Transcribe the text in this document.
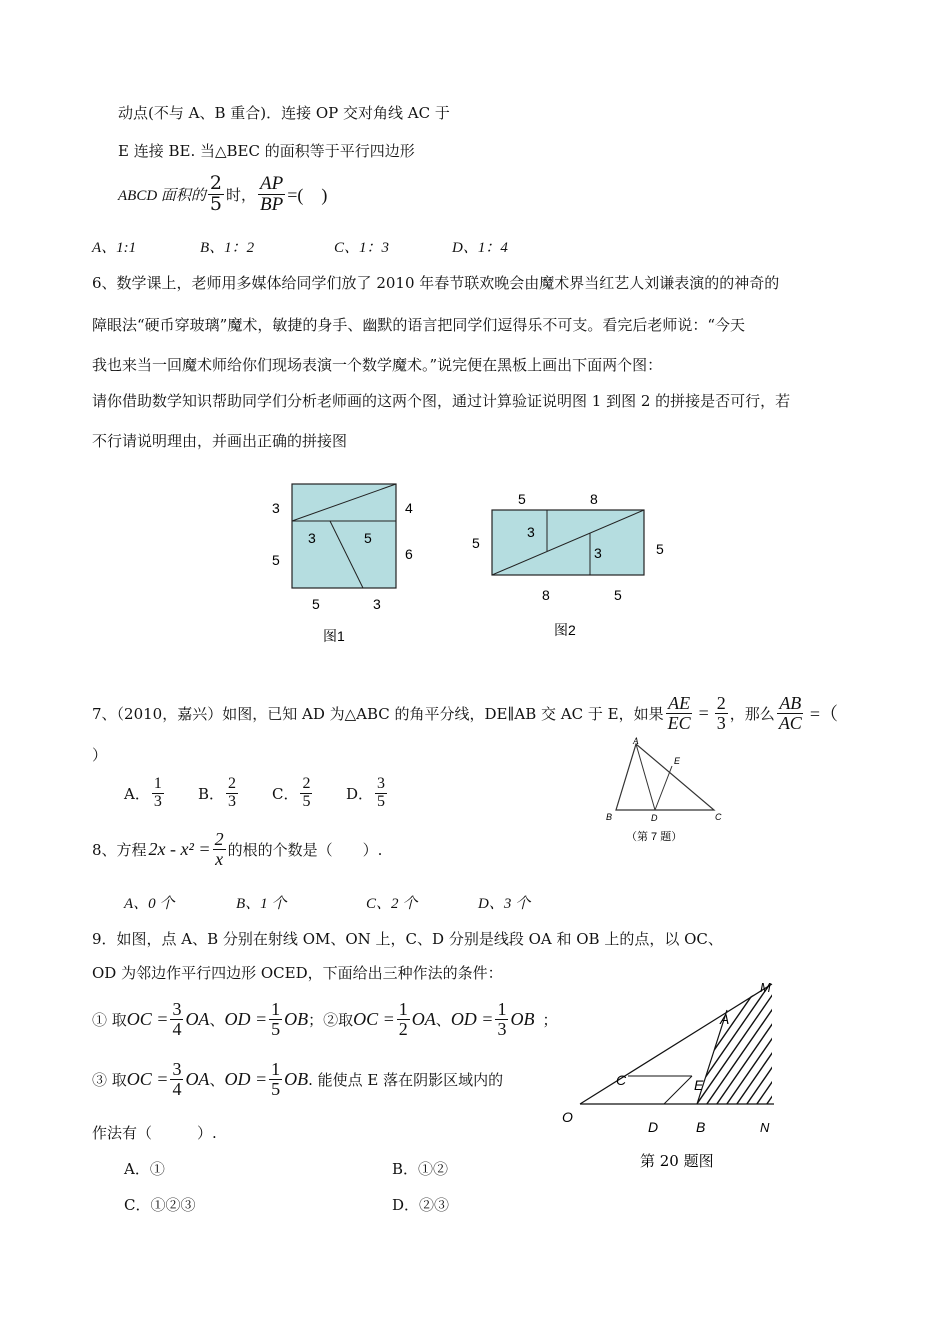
动点(不与 A、B 重合)．连接 OP 交对角线 AC 于
E 连接 BE. 当△BEC 的面积等于平行四边形
ABCD 面积的 $\frac{2}{5}$ 时， $\frac{AP}{BP}$ =(　)
A、1:1	B、1：2	C、1：3	D、1：4
6、数学课上，老师用多媒体给同学们放了 2010 年春节联欢晚会由魔术界当红艺人刘谦表演的的神奇的
障眼法“硬币穿玻璃”魔术，敏捷的身手、幽默的语言把同学们逗得乐不可支。看完后老师说：“今天
我也来当一回魔术师给你们现场表演一个数学魔术。”说完便在黑板上画出下面两个图：
请你借助数学知识帮助同学们分析老师画的这两个图，通过计算验证说明图 1 到图 2 的拼接是否可行，若
不行请说明理由，并画出正确的拼接图
3
5
4
6
3	5
5	3
图1
5	8
5	5
3
3
8	5
图2
7、（2010，嘉兴）如图，已知 AD 为△ABC 的角平分线，DE∥AB 交 AC 于 E，如果 $\frac{AE}{EC} = \frac{2}{3}$ ，那么 $\frac{AB}{AC}$ =（
）
A． $\frac{1}{3}$ B． $\frac{2}{3}$ C． $\frac{2}{5}$ D． $\frac{3}{5}$
A
B	C
D
E
（第 7 题）
8、方程 $2x - x^2 = \frac{2}{x}$ 的根的个数是（　　）.
A、0 个	B、1 个	C、2 个	D、3 个
9．如图，点 A、B 分别在射线 OM、ON 上，C、D 分别是线段 OA 和 OB 上的点，以 OC、
OD 为邻边作平行四边形 OCED，下面给出三种作法的条件：
① 取 OC = $\frac{3}{4}$ OA 、 OD = $\frac{1}{5}$ OB ； ②取 OC = $\frac{1}{2}$ OA 、 OD = $\frac{1}{3}$ OB ；
③ 取 OC = $\frac{3}{4}$ OA 、 OD = $\frac{1}{5}$ OB . 能使点 E 落在阴影区域内的
作法有（　　　）.
A．①	B．①②
C．①②③	D．②③
O
D	B	N
C	E
A
M
第 20 题图
